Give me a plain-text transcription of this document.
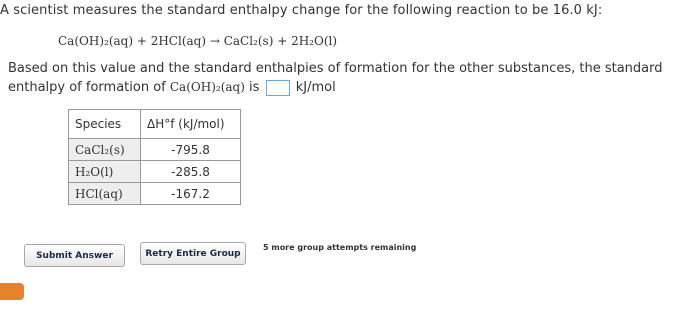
A scientist measures the standard enthalpy change for the following reaction to be 16.0 kJ:
Ca(OH)₂(aq) + 2HCl(aq) → CaCl₂(s) + 2H₂O(l)
Based on this value and the standard enthalpies of formation for the other substances, the standard enthalpy of formation of Ca(OH)₂(aq) is	kJ/mol
Species	ΔH°f (kJ/mol)
CaCl₂(s)	-795.8
H₂O(l)	-285.8
HCl(aq)	-167.2
Submit Answer	Retry Entire Group
5 more group attempts remaining
